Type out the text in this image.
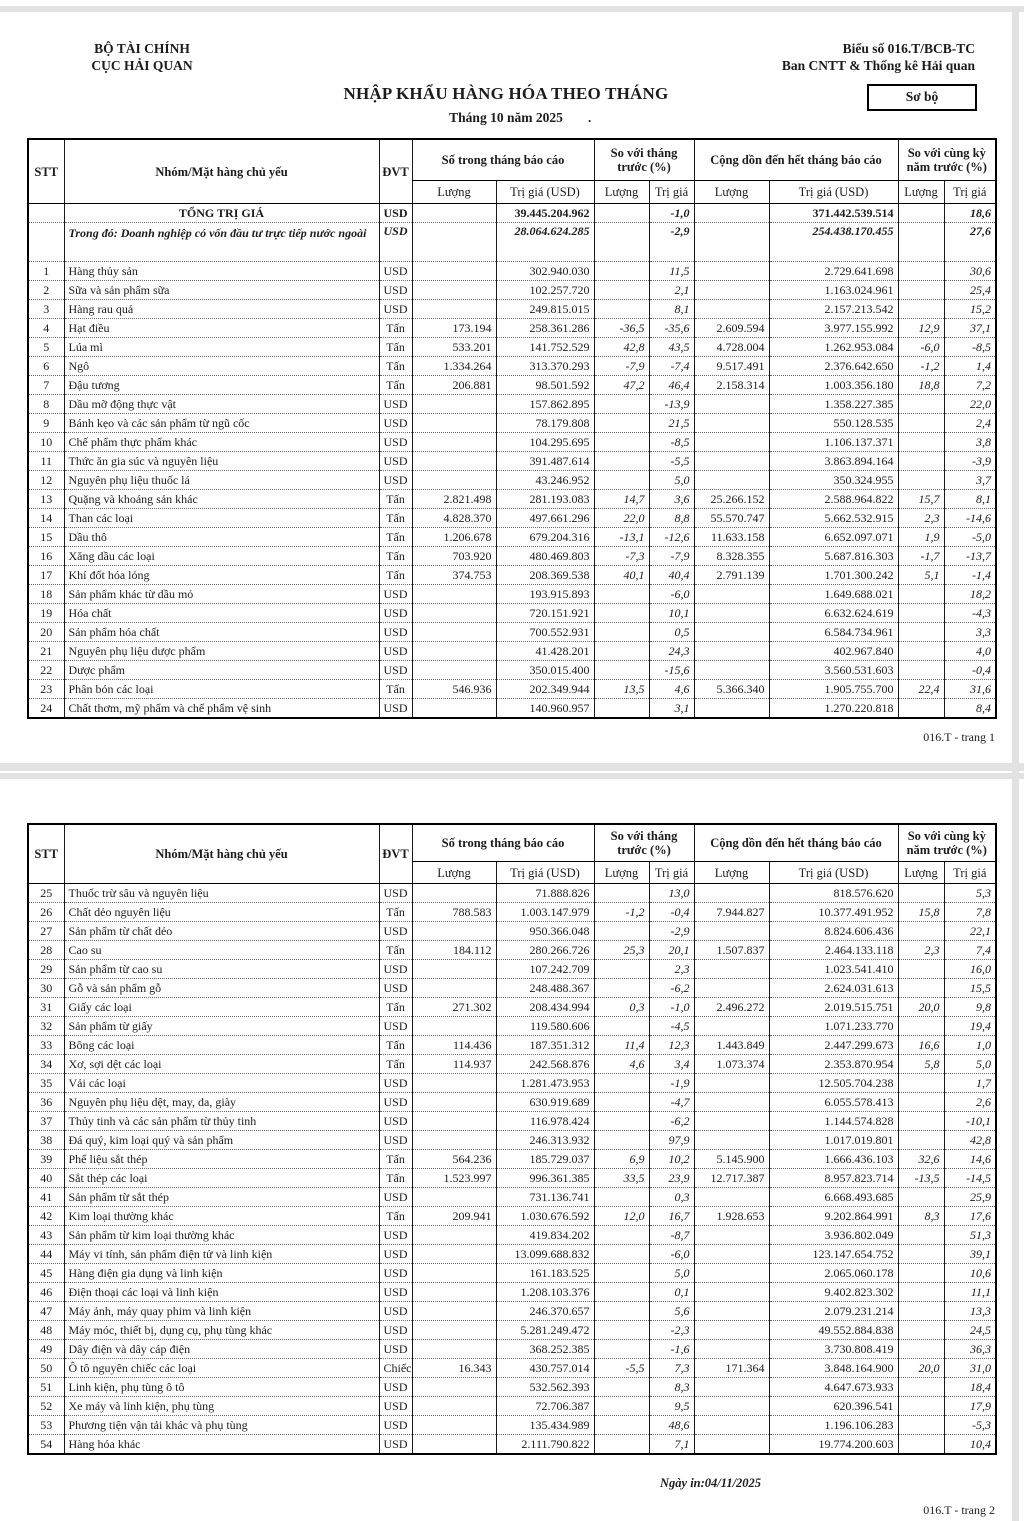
BỘ TÀI CHÍNH
CỤC HẢI QUAN
Biểu số 016.T/BCB-TC
Ban CNTT & Thống kê Hải quan
Sơ bộ
NHẬP KHẨU HÀNG HÓA THEO THÁNG
Tháng 10 năm 2025	.
STT	Nhóm/Mặt hàng chủ yếu	ĐVT	Số trong tháng báo cáo		So với tháng trước (%)		Cộng dồn đến hết tháng báo cáo		So với cùng kỳ năm trước (%)	
			Lượng	Trị giá (USD)	Lượng	Trị giá	Lượng	Trị giá (USD)	Lượng	Trị giá
	TỔNG TRỊ GIÁ	USD		39.445.204.962		-1,0		371.442.539.514		18,6
	Trong đó: Doanh nghiệp có vốn đầu tư trực tiếp nước ngoài	USD		28.064.624.285		-2,9		254.438.170.455		27,6
1	Hàng thủy sản	USD		302.940.030		11,5		2.729.641.698		30,6
2	Sữa và sản phẩm sữa	USD		102.257.720		2,1		1.163.024.961		25,4
3	Hàng rau quả	USD		249.815.015		8,1		2.157.213.542		15,2
4	Hạt điều	Tấn	173.194	258.361.286	-36,5	-35,6	2.609.594	3.977.155.992	12,9	37,1
5	Lúa mì	Tấn	533.201	141.752.529	42,8	43,5	4.728.004	1.262.953.084	-6,0	-8,5
6	Ngô	Tấn	1.334.264	313.370.293	-7,9	-7,4	9.517.491	2.376.642.650	-1,2	1,4
7	Đậu tương	Tấn	206.881	98.501.592	47,2	46,4	2.158.314	1.003.356.180	18,8	7,2
8	Dầu mỡ động thực vật	USD		157.862.895		-13,9		1.358.227.385		22,0
9	Bánh kẹo và các sản phẩm từ ngũ cốc	USD		78.179.808		21,5		550.128.535		2,4
10	Chế phẩm thực phẩm khác	USD		104.295.695		-8,5		1.106.137.371		3,8
11	Thức ăn gia súc và nguyên liệu	USD		391.487.614		-5,5		3.863.894.164		-3,9
12	Nguyên phụ liệu thuốc lá	USD		43.246.952		5,0		350.324.955		3,7
13	Quặng và khoáng sản khác	Tấn	2.821.498	281.193.083	14,7	3,6	25.266.152	2.588.964.822	15,7	8,1
14	Than các loại	Tấn	4.828.370	497.661.296	22,0	8,8	55.570.747	5.662.532.915	2,3	-14,6
15	Dầu thô	Tấn	1.206.678	679.204.316	-13,1	-12,6	11.633.158	6.652.097.071	1,9	-5,0
16	Xăng dầu các loại	Tấn	703.920	480.469.803	-7,3	-7,9	8.328.355	5.687.816.303	-1,7	-13,7
17	Khí đốt hóa lỏng	Tấn	374.753	208.369.538	40,1	40,4	2.791.139	1.701.300.242	5,1	-1,4
18	Sản phẩm khác từ dầu mỏ	USD		193.915.893		-6,0		1.649.688.021		18,2
19	Hóa chất	USD		720.151.921		10,1		6.632.624.619		-4,3
20	Sản phẩm hóa chất	USD		700.552.931		0,5		6.584.734.961		3,3
21	Nguyên phụ liệu dược phẩm	USD		41.428.201		24,3		402.967.840		4,0
22	Dược phẩm	USD		350.015.400		-15,6		3.560.531.603		-0,4
23	Phân bón các loại	Tấn	546.936	202.349.944	13,5	4,6	5.366.340	1.905.755.700	22,4	31,6
24	Chất thơm, mỹ phẩm và chế phẩm vệ sinh	USD		140.960.957		3,1		1.270.220.818		8,4
016.T - trang 1
STT	Nhóm/Mặt hàng chủ yếu	ĐVT	Số trong tháng báo cáo		So với tháng trước (%)		Cộng dồn đến hết tháng báo cáo		So với cùng kỳ năm trước (%)	
			Lượng	Trị giá (USD)	Lượng	Trị giá	Lượng	Trị giá (USD)	Lượng	Trị giá
25	Thuốc trừ sâu và nguyên liệu	USD		71.888.826		13,0		818.576.620		5,3
26	Chất dẻo nguyên liệu	Tấn	788.583	1.003.147.979	-1,2	-0,4	7.944.827	10.377.491.952	15,8	7,8
27	Sản phẩm từ chất dẻo	USD		950.366.048		-2,9		8.824.606.436		22,1
28	Cao su	Tấn	184.112	280.266.726	25,3	20,1	1.507.837	2.464.133.118	2,3	7,4
29	Sản phẩm từ cao su	USD		107.242.709		2,3		1.023.541.410		16,0
30	Gỗ và sản phẩm gỗ	USD		248.488.367		-6,2		2.624.031.613		15,5
31	Giấy các loại	Tấn	271.302	208.434.994	0,3	-1,0	2.496.272	2.019.515.751	20,0	9,8
32	Sản phẩm từ giấy	USD		119.580.606		-4,5		1.071.233.770		19,4
33	Bông các loại	Tấn	114.436	187.351.312	11,4	12,3	1.443.849	2.447.299.673	16,6	1,0
34	Xơ, sợi dệt các loại	Tấn	114.937	242.568.876	4,6	3,4	1.073.374	2.353.870.954	5,8	5,0
35	Vải các loại	USD		1.281.473.953		-1,9		12.505.704.238		1,7
36	Nguyên phụ liệu dệt, may, da, giày	USD		630.919.689		-4,7		6.055.578.413		2,6
37	Thủy tinh và các sản phẩm từ thủy tinh	USD		116.978.424		-6,2		1.144.574.828		-10,1
38	Đá quý, kim loại quý và sản phẩm	USD		246.313.932		97,9		1.017.019.801		42,8
39	Phế liệu sắt thép	Tấn	564.236	185.729.037	6,9	10,2	5.145.900	1.666.436.103	32,6	14,6
40	Sắt thép các loại	Tấn	1.523.997	996.361.385	33,5	23,9	12.717.387	8.957.823.714	-13,5	-14,5
41	Sản phẩm từ sắt thép	USD		731.136.741		0,3		6.668.493.685		25,9
42	Kim loại thường khác	Tấn	209.941	1.030.676.592	12,0	16,7	1.928.653	9.202.864.991	8,3	17,6
43	Sản phẩm từ kim loại thường khác	USD		419.834.202		-8,7		3.936.802.049		51,3
44	Máy vi tính, sản phẩm điện tử và linh kiện	USD		13.099.688.832		-6,0		123.147.654.752		39,1
45	Hàng điện gia dụng và linh kiện	USD		161.183.525		5,0		2.065.060.178		10,6
46	Điện thoại các loại và linh kiện	USD		1.208.103.376		0,1		9.402.823.302		11,1
47	Máy ảnh, máy quay phim và linh kiện	USD		246.370.657		5,6		2.079.231.214		13,3
48	Máy móc, thiết bị, dụng cụ, phụ tùng khác	USD		5.281.249.472		-2,3		49.552.884.838		24,5
49	Dây điện và dây cáp điện	USD		368.252.385		-1,6		3.730.808.419		36,3
50	Ô tô nguyên chiếc các loại	Chiếc	16.343	430.757.014	-5,5	7,3	171.364	3.848.164.900	20,0	31,0
51	Linh kiện, phụ tùng ô tô	USD		532.562.393		8,3		4.647.673.933		18,4
52	Xe máy và linh kiện, phụ tùng	USD		72.706.387		9,5		620.396.541		17,9
53	Phương tiện vận tải khác và phụ tùng	USD		135.434.989		48,6		1.196.106.283		-5,3
54	Hàng hóa khác	USD		2.111.790.822		7,1		19.774.200.603		10,4
Ngày in:04/11/2025
016.T - trang 2
